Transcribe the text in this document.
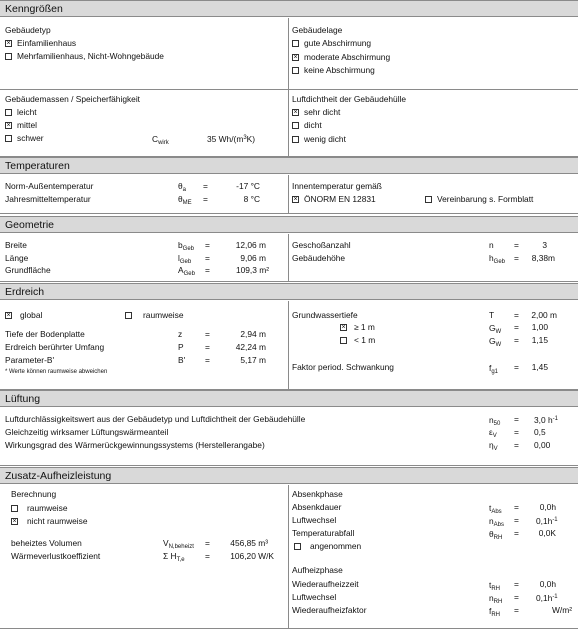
Kenngrößen
Gebäudetyp
×
Einfamilienhaus
Mehrfamilienhaus, Nicht-Wohngebäude
Gebäudelage
gute Abschirmung
×
moderate Abschirmung
keine Abschirmung
Gebäudemassen / Speicherfähigkeit
leicht
×
mittel
schwer	$C_{wirk}$	35 $Wh/(m^3K)$
Luftdichtheit der Gebäudehülle
×
sehr dicht
dicht
wenig dicht
Temperaturen
Norm-Außentemperatur	$\theta_a$ =	-17 °C
Jahresmitteltemperatur	$\theta_{ME}$ =	8 °C
Innentemperatur gemäß
×
ÖNORM EN 12831	Vereinbarung s. Formblatt
Geometrie
Breite	$b_{Geb}$ =	12,06 m
Länge	$l_{Geb}$ =	9,06 m
Grundfläche	$A_{Geb}$ =	109,3 m²
Geschoßanzahl	n =	3
Gebäudehöhe	$h_{Geb}$ =	8,38m
Erdreich
×
global	raumweise
Tiefe der Bodenplatte	z	=	2,94 m
Erdreich berührter Umfang	P	=	42,24 m
Parameter-B'	B' =	5,17 m
* Werte können raumweise abweichen
Grundwassertiefe	T =	2,00 m
×
≥ 1 m	$G_W$ =	1,00
< 1 m	$G_W$ =	1,15
Faktor period. Schwankung	$f_{g1}$ =	1,45
Lüftung
Luftdurchlässigkeitswert aus der Gebäudetyp und Luftdichtheit der Gebäudehülle	$n_{50} = 3,0$ $h^{-1}$
Gleichzeitig wirksamer Lüftungswärmeanteil	$\varepsilon_V = 0,5$
Wirkungsgrad des Wärmerückgewinnungssystems (Herstellerangabe)	$\eta_V = 0,00$
Zusatz-Aufheizleistung
Berechnung
raumweise
×
nicht raumweise
beheiztes Volumen	$V_{N,beheizt}$ =	456,85 m³
Wärmeverlustkoeffizient	Σ $H_{T,e}$ =	106,20 W/K
Absenkphase
Absenkdauer	$t_{Abs}$ =	0,0h
Luftwechsel	$n_{Abs} = 0,1h^{-1}$
Temperaturabfall	$\theta_{RH}$ =	0,0K
angenommen
Aufheizphase
Wiederaufheizzeit	$t_{RH}$ =	0,0h
Luftwechsel	$n_{RH} = 0,1h^{-1}$
Wiederaufheizfaktor	$f_{RH}$ =	W/m²
